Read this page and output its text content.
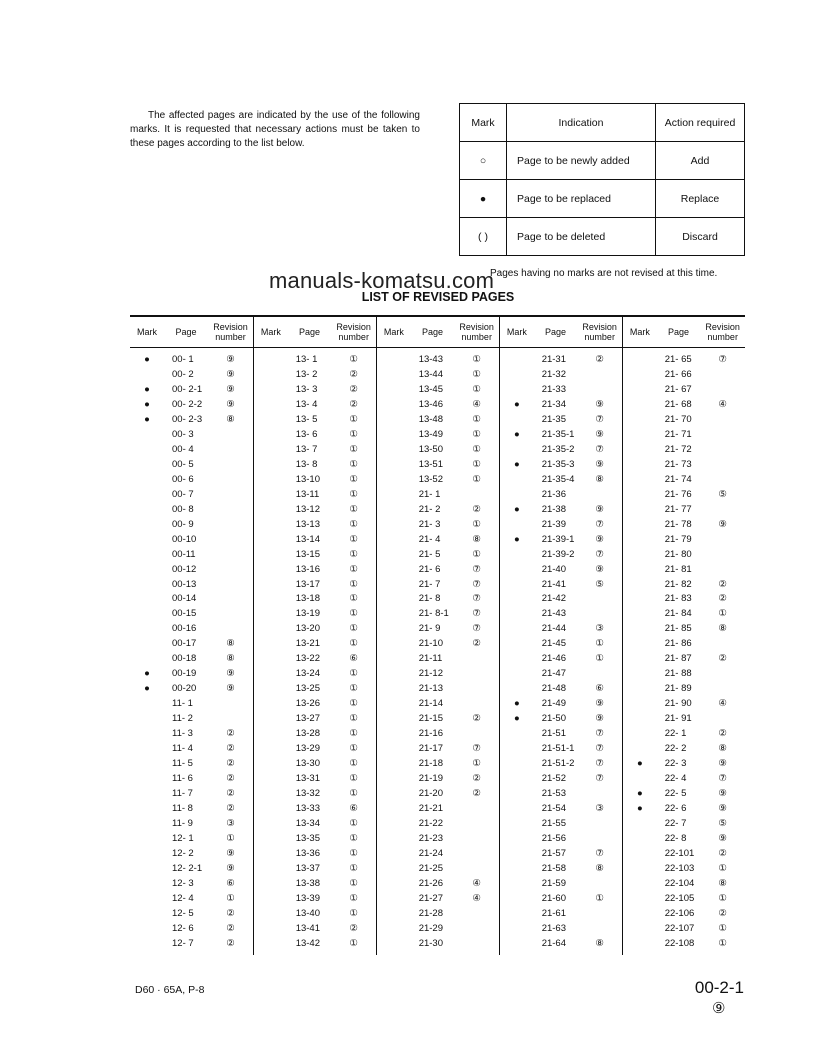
The affected pages are indicated by the use of the following marks. It is requested that necessary actions must be taken to these pages according to the list below.

Mark	Indication	Action required
○	Page to be newly added	Add
●	Page to be replaced	Replace
( )	Page to be deleted	Discard
Pages having no marks are not revised at this time.
manuals-komatsu.com
LIST OF REVISED PAGES
Mark	Page	Revision number
●	00- 1	⑨
00- 2	⑨
●	00- 2-1	⑨
●	00- 2-2	⑨
●	00- 2-3	⑧
00- 3
00- 4
00- 5
00- 6
00- 7
00- 8
00- 9
00-10
00-11
00-12
00-13
00-14
00-15
00-16
00-17	⑧
00-18	⑧
●	00-19	⑨
●	00-20	⑨
11- 1
11- 2
11- 3	②
11- 4	②
11- 5	②
11- 6	②
11- 7	②
11- 8	②
11- 9	③
12- 1	①
12- 2	⑨
12- 2-1	⑨
12- 3	⑥
12- 4	①
12- 5	②
12- 6	②
12- 7	②
Mark	Page	Revision number
13- 1	①
13- 2	②
13- 3	②
13- 4	②
13- 5	①
13- 6	①
13- 7	①
13- 8	①
13-10	①
13-11	①
13-12	①
13-13	①
13-14	①
13-15	①
13-16	①
13-17	①
13-18	①
13-19	①
13-20	①
13-21	①
13-22	⑥
13-24	①
13-25	①
13-26	①
13-27	①
13-28	①
13-29	①
13-30	①
13-31	①
13-32	①
13-33	⑥
13-34	①
13-35	①
13-36	①
13-37	①
13-38	①
13-39	①
13-40	①
13-41	②
13-42	①
Mark	Page	Revision number
13-43	①
13-44	①
13-45	①
13-46	④
13-48	①
13-49	①
13-50	①
13-51	①
13-52	①
21- 1
21- 2	②
21- 3	①
21- 4	⑧
21- 5	①
21- 6	⑦
21- 7	⑦
21- 8	⑦
21- 8-1	⑦
21- 9	⑦
21-10	②
21-11
21-12
21-13
21-14
21-15	②
21-16
21-17	⑦
21-18	①
21-19	②
21-20	②
21-21
21-22
21-23
21-24
21-25
21-26	④
21-27	④
21-28
21-29
21-30
Mark	Page	Revision number
21-31	②
21-32
21-33
●	21-34	⑨
21-35	⑦
●	21-35-1	⑨
21-35-2	⑦
●	21-35-3	⑨
21-35-4	⑧
21-36
●	21-38	⑨
21-39	⑦
●	21-39-1	⑨
21-39-2	⑦
21-40	⑨
21-41	⑤
21-42
21-43
21-44	③
21-45	①
21-46	①
21-47
21-48	⑥
●	21-49	⑨
●	21-50	⑨
21-51	⑦
21-51-1	⑦
21-51-2	⑦
21-52	⑦
21-53
21-54	③
21-55
21-56
21-57	⑦
21-58	⑧
21-59
21-60	①
21-61
21-63
21-64	⑧
Mark	Page	Revision number
21- 65	⑦
21- 66
21- 67
21- 68	④
21- 70
21- 71
21- 72
21- 73
21- 74
21- 76	⑤
21- 77
21- 78	⑨
21- 79
21- 80
21- 81
21- 82	②
21- 83	②
21- 84	①
21- 85	⑧
21- 86
21- 87	②
21- 88
21- 89
21- 90	④
21- 91
22- 1	②
22- 2	⑧
●	22- 3	⑨
22- 4	⑦
●	22- 5	⑨
●	22- 6	⑨
22- 7	⑤
22- 8	⑨
22-101	②
22-103	①
22-104	⑧
22-105	①
22-106	②
22-107	①
22-108	①
D60 · 65A, P-8	00-2-1
⑨
